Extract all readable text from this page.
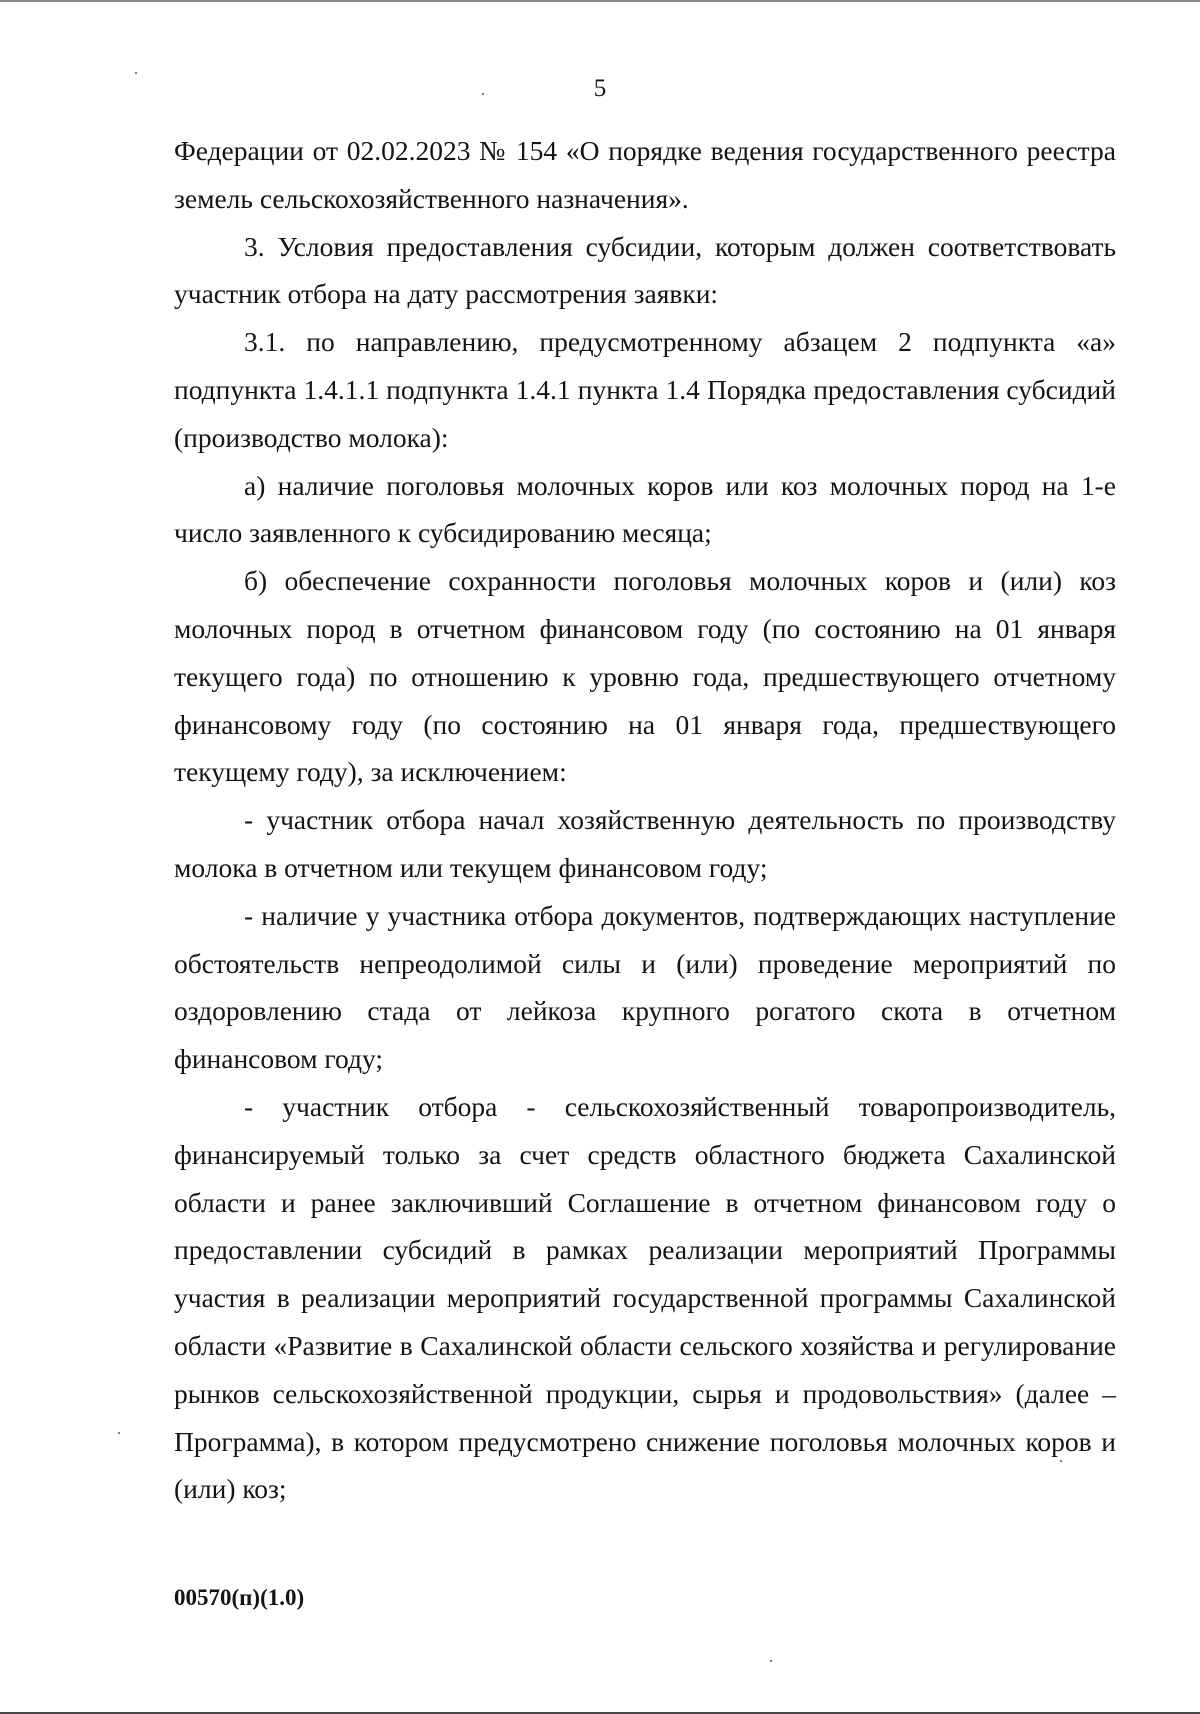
5

Федерации от 02.02.2023 № 154 «О порядке ведения государственного реестра земель сельскохозяйственного назначения».

3. Условия предоставления субсидии, которым должен соответствовать участник отбора на дату рассмотрения заявки:

3.1. по направлению, предусмотренному абзацем 2 подпункта «а» подпункта 1.4.1.1 подпункта 1.4.1 пункта 1.4 Порядка предоставления субсидий (производство молока):

а) наличие поголовья молочных коров или коз молочных пород на 1-е число заявленного к субсидированию месяца;

б) обеспечение сохранности поголовья молочных коров и (или) коз молочных пород в отчетном финансовом году (по состоянию на 01 января текущего года) по отношению к уровню года, предшествующего отчетному финансовому году (по состоянию на 01 января года, предшествующего текущему году), за исключением:

- участник отбора начал хозяйственную деятельность по производству молока в отчетном или текущем финансовом году;

- наличие у участника отбора документов, подтверждающих наступление обстоятельств непреодолимой силы и (или) проведение мероприятий по оздоровлению стада от лейкоза крупного рогатого скота в отчетном финансовом году;

- участник отбора - сельскохозяйственный товаропроизводитель, финансируемый только за счет средств областного бюджета Сахалинской области и ранее заключивший Соглашение в отчетном финансовом году о предоставлении субсидий в рамках реализации мероприятий Программы участия в реализации мероприятий государственной программы Сахалинской области «Развитие в Сахалинской области сельского хозяйства и регулирование рынков сельскохозяйственной продукции, сырья и продовольствия» (далее – Программа), в котором предусмотрено снижение поголовья молочных коров и (или) коз;

00570(п)(1.0)
